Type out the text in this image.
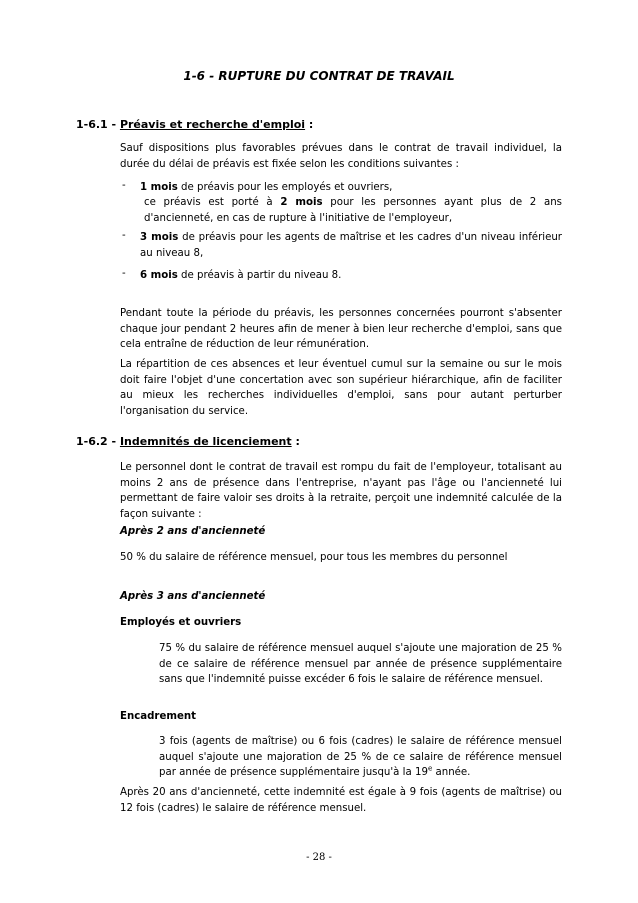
1-6 - RUPTURE DU CONTRAT DE TRAVAIL
1-6.1 - Préavis et recherche d'emploi :
Sauf dispositions plus favorables prévues dans le contrat de travail individuel, la durée du délai de préavis est fixée selon les conditions suivantes :
- 1 mois de préavis pour les employés et ouvriers,
ce préavis est porté à 2 mois pour les personnes ayant plus de 2 ans d'ancienneté, en cas de rupture à l'initiative de l'employeur,
- 3 mois de préavis pour les agents de maîtrise et les cadres d'un niveau inférieur au niveau 8,
- 6 mois de préavis à partir du niveau 8.
Pendant toute la période du préavis, les personnes concernées pourront s'absenter chaque jour pendant 2 heures afin de mener à bien leur recherche d'emploi, sans que cela entraîne de réduction de leur rémunération.
La répartition de ces absences et leur éventuel cumul sur la semaine ou sur le mois doit faire l'objet d'une concertation avec son supérieur hiérarchique, afin de faciliter au mieux les recherches individuelles d'emploi, sans pour autant perturber l'organisation du service.
1-6.2 - Indemnités de licenciement :
Le personnel dont le contrat de travail est rompu du fait de l'employeur, totalisant au moins 2 ans de présence dans l'entreprise, n'ayant pas l'âge ou l'ancienneté lui permettant de faire valoir ses droits à la retraite, perçoit une indemnité calculée de la façon suivante :
Après 2 ans d'ancienneté
50 % du salaire de référence mensuel, pour tous les membres du personnel
Après 3 ans d'ancienneté
Employés et ouvriers
75 % du salaire de référence mensuel auquel s'ajoute une majoration de 25 % de ce salaire de référence mensuel par année de présence supplémentaire sans que l'indemnité puisse excéder 6 fois le salaire de référence mensuel.
Encadrement
3 fois (agents de maîtrise) ou 6 fois (cadres) le salaire de référence mensuel auquel s'ajoute une majoration de 25 % de ce salaire de référence mensuel par année de présence supplémentaire jusqu'à la 19e année.
Après 20 ans d'ancienneté, cette indemnité est égale à 9 fois (agents de maîtrise) ou 12 fois (cadres) le salaire de référence mensuel.
- 28 -
